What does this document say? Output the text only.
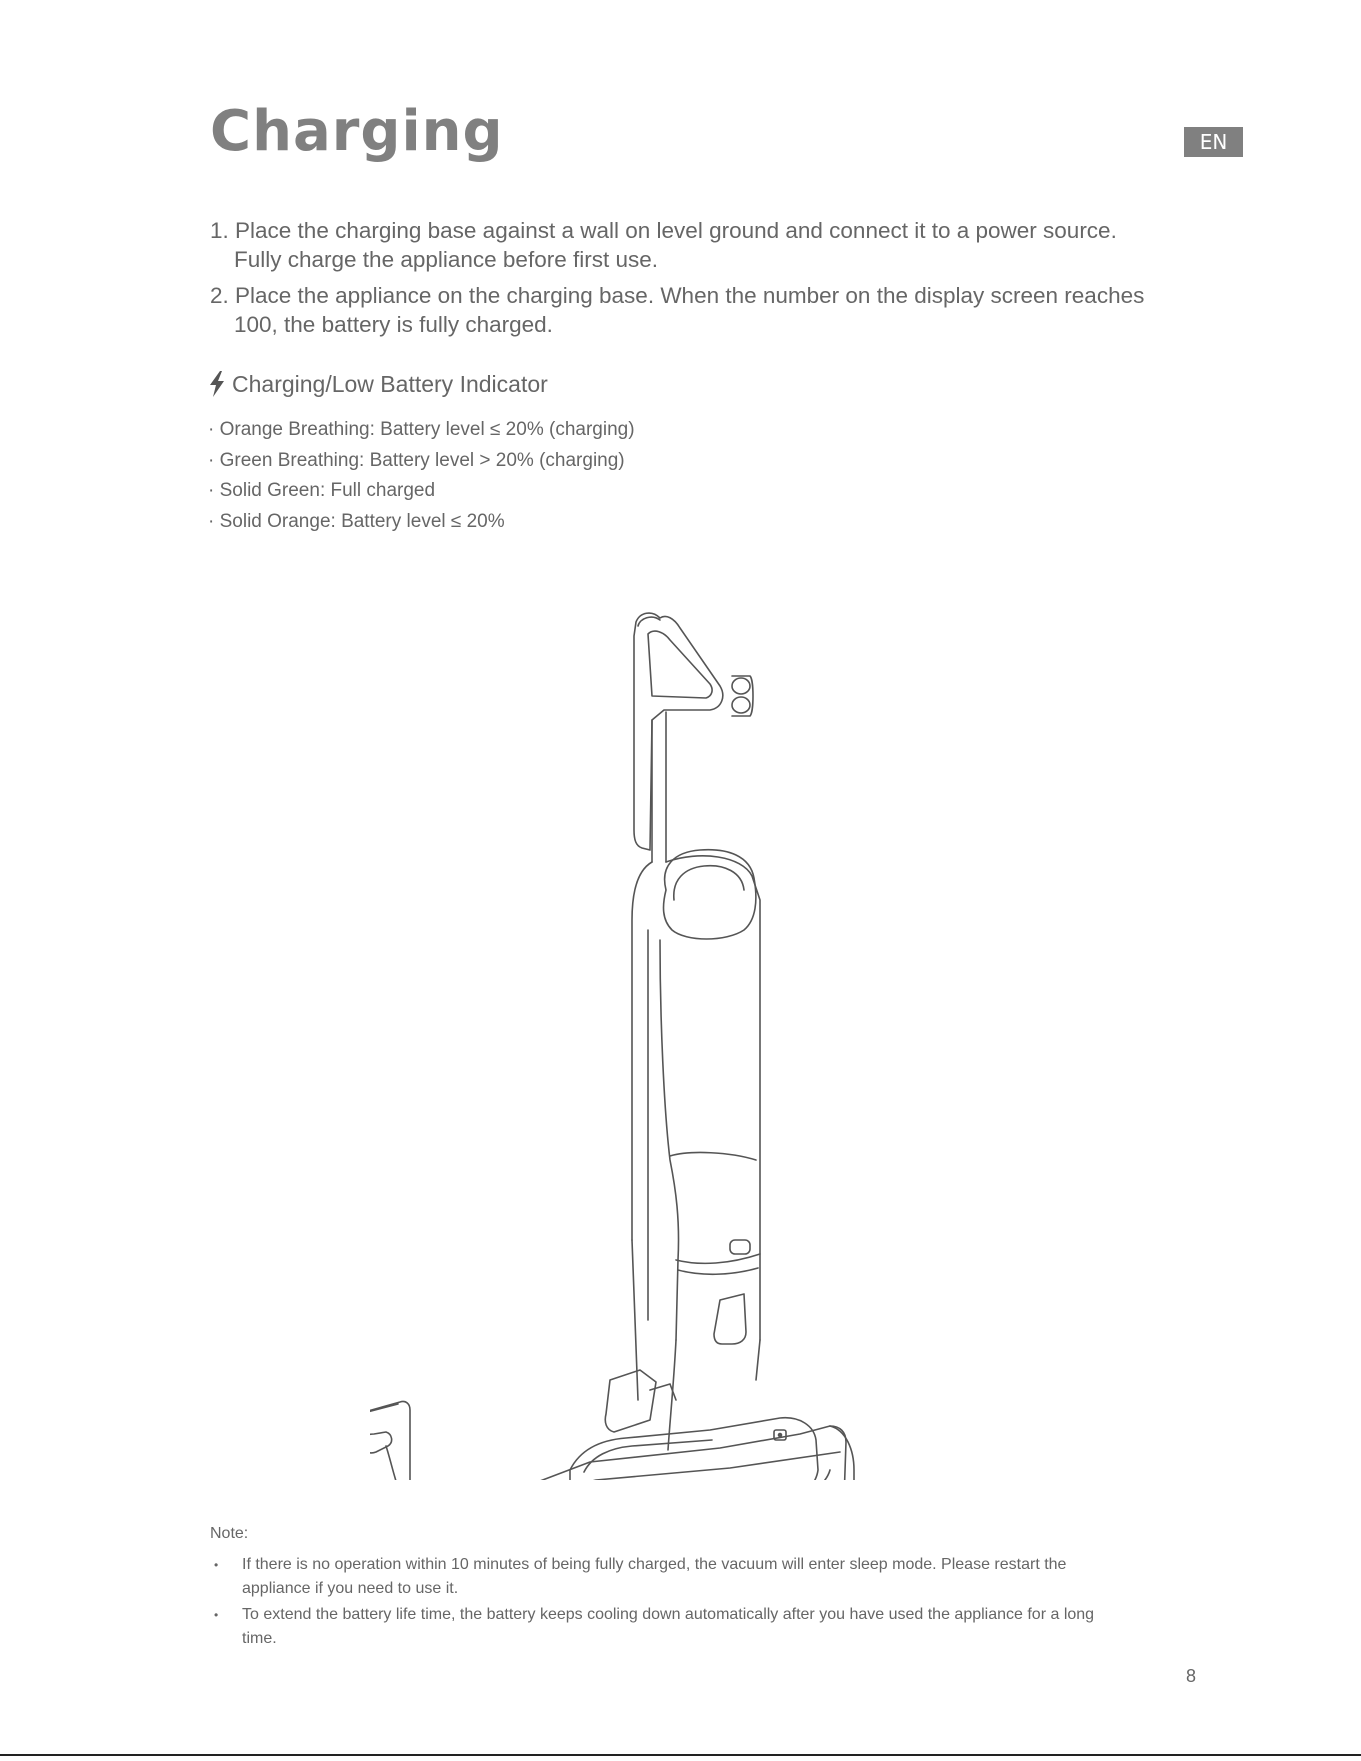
Charging	EN
1. Place the charging base against a wall on level ground and connect it to a power source. Fully charge the appliance before first use.
2. Place the appliance on the charging base. When the number on the display screen reaches 100, the battery is fully charged.
Charging/Low Battery Indicator
· Orange Breathing: Battery level ≤ 20% (charging)
· Green Breathing: Battery level > 20% (charging)
· Solid Green: Full charged
· Solid Orange: Battery level ≤ 20%
Note:
• If there is no operation within 10 minutes of being fully charged, the vacuum will enter sleep mode. Please restart the appliance if you need to use it.
• To extend the battery life time, the battery keeps cooling down automatically after you have used the appliance for a long time.
8
